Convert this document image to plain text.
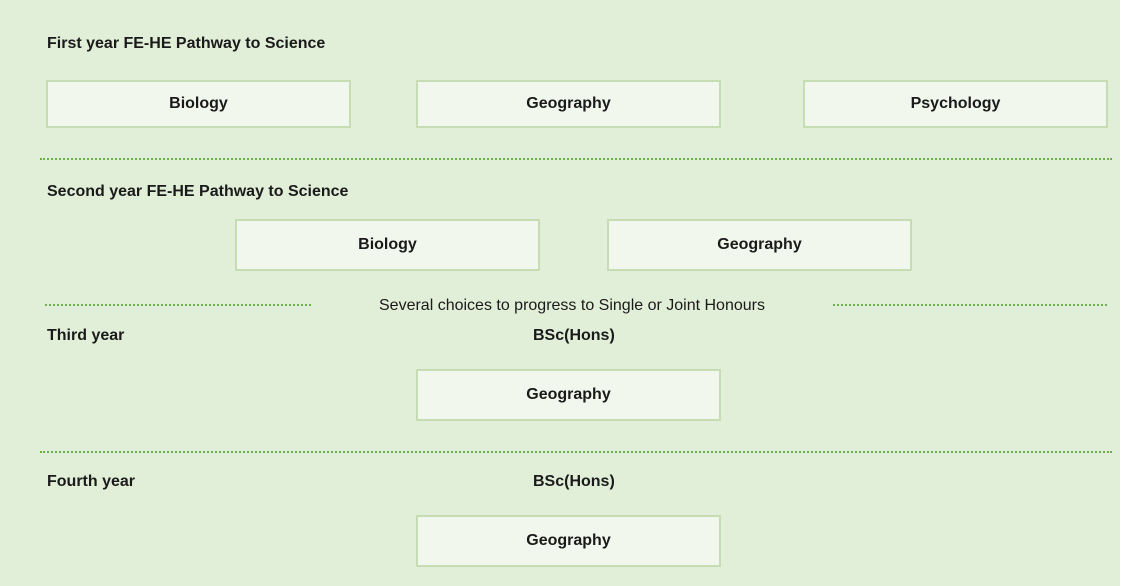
First year FE-HE Pathway to Science
Biology	Geography	Psychology
Second year FE-HE Pathway to Science
Biology	Geography
Several choices to progress to Single or Joint Honours
Third year	BSc(Hons)
Geography
Fourth year	BSc(Hons)
Geography
